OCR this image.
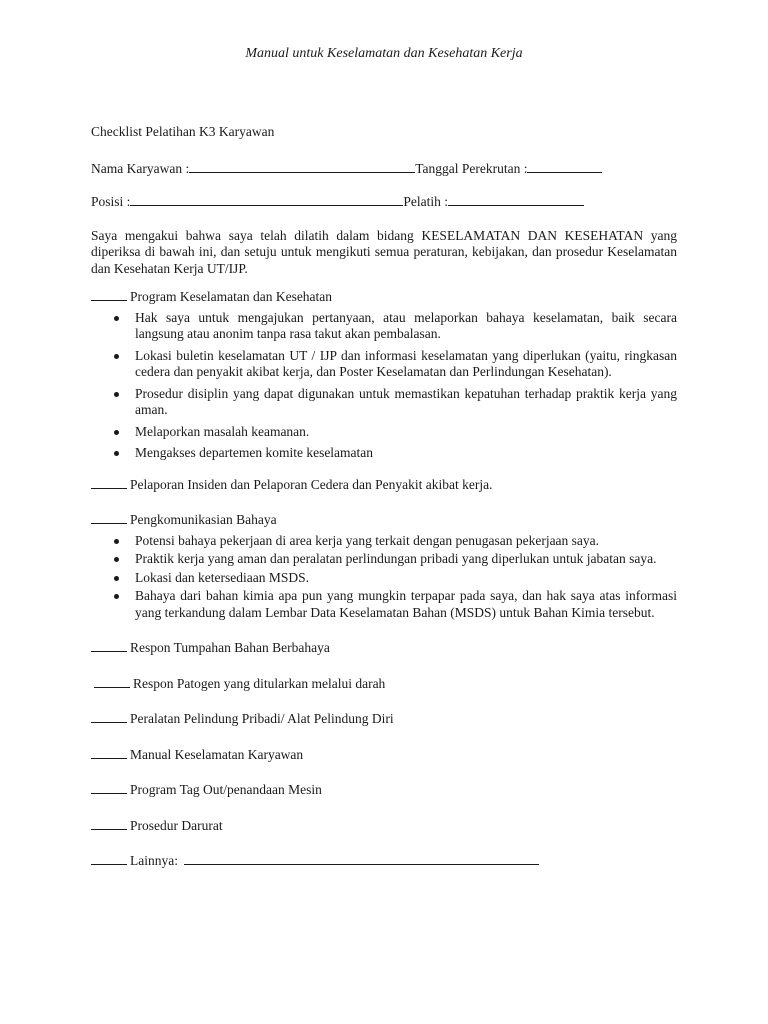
Manual untuk Keselamatan dan Kesehatan Kerja
Checklist Pelatihan K3 Karyawan
Nama Karyawan :	Tanggal Perekrutan :
Posisi :	Pelatih :
Saya mengakui bahwa saya telah dilatih dalam bidang KESELAMATAN DAN KESEHATAN yang diperiksa di bawah ini, dan setuju untuk mengikuti semua peraturan, kebijakan, dan prosedur Keselamatan dan Kesehatan Kerja UT/IJP.
Program Keselamatan dan Kesehatan
Hak saya untuk mengajukan pertanyaan, atau melaporkan bahaya keselamatan, baik secara langsung atau anonim tanpa rasa takut akan pembalasan.
Lokasi buletin keselamatan UT / IJP dan informasi keselamatan yang diperlukan (yaitu, ringkasan cedera dan penyakit akibat kerja, dan Poster Keselamatan dan Perlindungan Kesehatan).
Prosedur disiplin yang dapat digunakan untuk memastikan kepatuhan terhadap praktik kerja yang aman.
Melaporkan masalah keamanan.
Mengakses departemen komite keselamatan
Pelaporan Insiden dan Pelaporan Cedera dan Penyakit akibat kerja.
Pengkomunikasian Bahaya
Potensi bahaya pekerjaan di area kerja yang terkait dengan penugasan pekerjaan saya.
Praktik kerja yang aman dan peralatan perlindungan pribadi yang diperlukan untuk jabatan saya.
Lokasi dan ketersediaan MSDS.
Bahaya dari bahan kimia apa pun yang mungkin terpapar pada saya, dan hak saya atas informasi yang terkandung dalam Lembar Data Keselamatan Bahan (MSDS) untuk Bahan Kimia tersebut.
Respon Tumpahan Bahan Berbahaya
Respon Patogen yang ditularkan melalui darah
Peralatan Pelindung Pribadi/ Alat Pelindung Diri
Manual Keselamatan Karyawan
Program Tag Out/penandaan Mesin
Prosedur Darurat
Lainnya:
